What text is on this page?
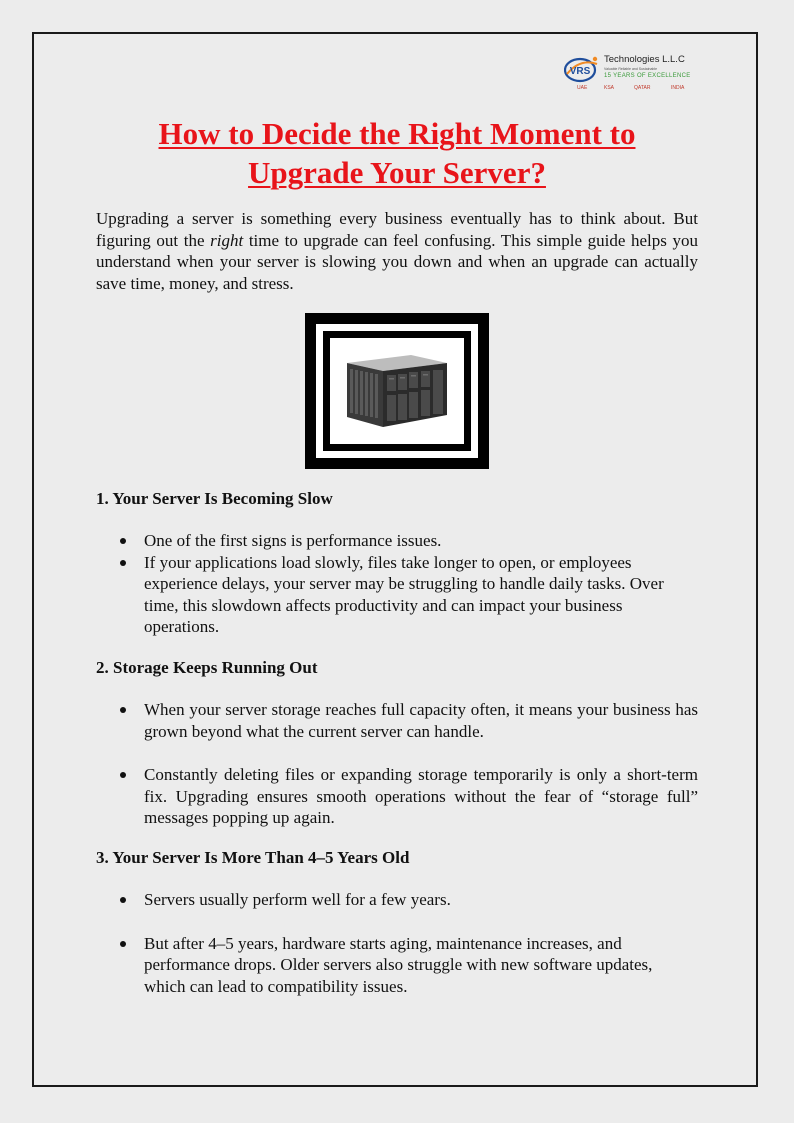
VRS
Technologies L.L.C
Valuable Reliable and Sustainable
15 YEARS OF EXCELLENCE
UAE	KSA	QATAR	INDIA
How to Decide the Right Moment to
Upgrade Your Server?

Upgrading a server is something every business eventually has to think about. But figuring out the right time to upgrade can feel confusing. This simple guide helps you understand when your server is slowing you down and when an upgrade can actually save time, money, and stress.

1. Your Server Is Becoming Slow
One of the first signs is performance issues.
If your applications load slowly, files take longer to open, or employees experience delays, your server may be struggling to handle daily tasks. Over time, this slowdown affects productivity and can impact your business operations.
2. Storage Keeps Running Out
When your server storage reaches full capacity often, it means your business has grown beyond what the current server can handle.
Constantly deleting files or expanding storage temporarily is only a short-term fix. Upgrading ensures smooth operations without the fear of “storage full” messages popping up again.
3. Your Server Is More Than 4–5 Years Old
Servers usually perform well for a few years.
But after 4–5 years, hardware starts aging, maintenance increases, and performance drops. Older servers also struggle with new software updates, which can lead to compatibility issues.
